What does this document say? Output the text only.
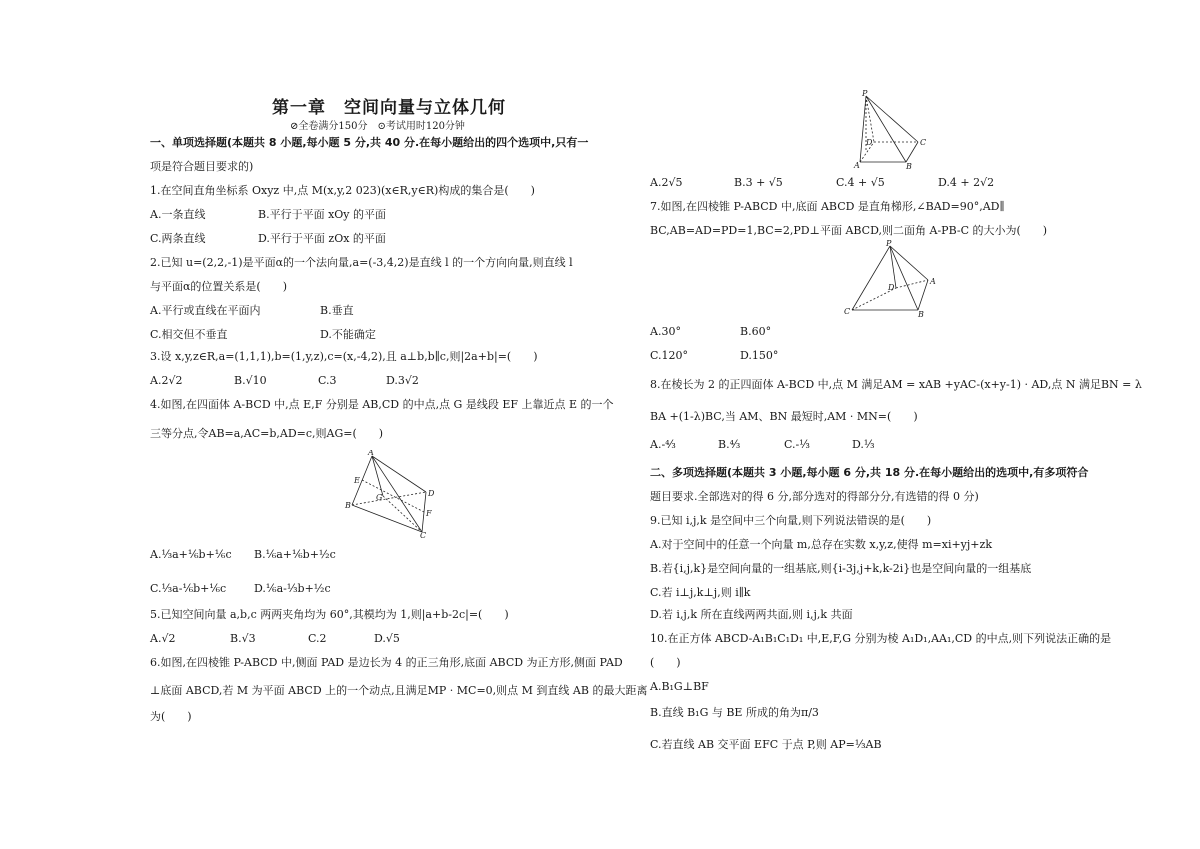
第一章　空间向量与立体几何
⊘全卷满分150分　⊙考试用时120分钟
一、单项选择题(本题共 8 小题,每小题 5 分,共 40 分.在每小题给出的四个选项中,只有一
项是符合题目要求的)
1.在空间直角坐标系 Oxyz 中,点 M(x,y,2 023)(x∈R,y∈R)构成的集合是(　　)
A.一条直线	B.平行于平面 xOy 的平面
C.两条直线	D.平行于平面 zOx 的平面
2.已知 u=(2,2,-1)是平面α的一个法向量,a=(-3,4,2)是直线 l 的一个方向向量,则直线 l
与平面α的位置关系是(　　)
A.平行或直线在平面内	B.垂直
C.相交但不垂直	D.不能确定
3.设 x,y,z∈R,a=(1,1,1),b=(1,y,z),c=(x,-4,2),且 a⊥b,b∥c,则|2a+b|=(　　)
A.2√2	B.√10	C.3	D.3√2
4.如图,在四面体 A-BCD 中,点 E,F 分别是 AB,CD 的中点,点 G 是线段 EF 上靠近点 E 的一个
三等分点,令AB=a,AC=b,AD=c,则AG=(　　)
A.⅓a+⅙b+⅙c B.⅙a+⅙b+½c
C.⅓a-⅙b+⅙c	D.⅙a-⅓b+½c
5.已知空间向量 a,b,c 两两夹角均为 60°,其模均为 1,则|a+b-2c|=(　　)
A.√2	B.√3	C.2	D.√5
6.如图,在四棱锥 P-ABCD 中,侧面 PAD 是边长为 4 的正三角形,底面 ABCD 为正方形,侧面 PAD
⊥底面 ABCD,若 M 为平面 ABCD 上的一个动点,且满足MP · MC=0,则点 M 到直线 AB 的最大距离
为(　　)
A
B
C
D
E
F
G
P
A	B
C
D
A.2√5	B.3 + √5	C.4 + √5	D.4 + 2√2
7.如图,在四棱锥 P-ABCD 中,底面 ABCD 是直角梯形,∠BAD=90°,AD∥
BC,AB=AD=PD=1,BC=2,PD⊥平面 ABCD,则二面角 A-PB-C 的大小为(　　)
A.30°	B.60°
C.120°	D.150°
8.在棱长为 2 的正四面体 A-BCD 中,点 M 满足AM = xAB +yAC-(x+y-1) · AD,点 N 满足BN = λ
BA +(1-λ)BC,当 AM、BN 最短时,AM · MN=(　　)
A.-⁴⁄₃	B.⁴⁄₃	C.-⅓	D.⅓
二、多项选择题(本题共 3 小题,每小题 6 分,共 18 分.在每小题给出的选项中,有多项符合
题目要求.全部选对的得 6 分,部分选对的得部分分,有选错的得 0 分)
9.已知 i,j,k 是空间中三个向量,则下列说法错误的是(　　)
A.对于空间中的任意一个向量 m,总存在实数 x,y,z,使得 m=xi+yj+zk
B.若{i,j,k}是空间向量的一组基底,则{i-3j,j+k,k-2i}也是空间向量的一组基底
C.若 i⊥j,k⊥j,则 i∥k
D.若 i,j,k 所在直线两两共面,则 i,j,k 共面
10.在正方体 ABCD-A₁B₁C₁D₁ 中,E,F,G 分别为棱 A₁D₁,AA₁,CD 的中点,则下列说法正确的是
(　　)
A.B₁G⊥BF
B.直线 B₁G 与 BE 所成的角为π/3
C.若直线 AB 交平面 EFC 于点 P,则 AP=⅓AB
P
A
B
C
D
